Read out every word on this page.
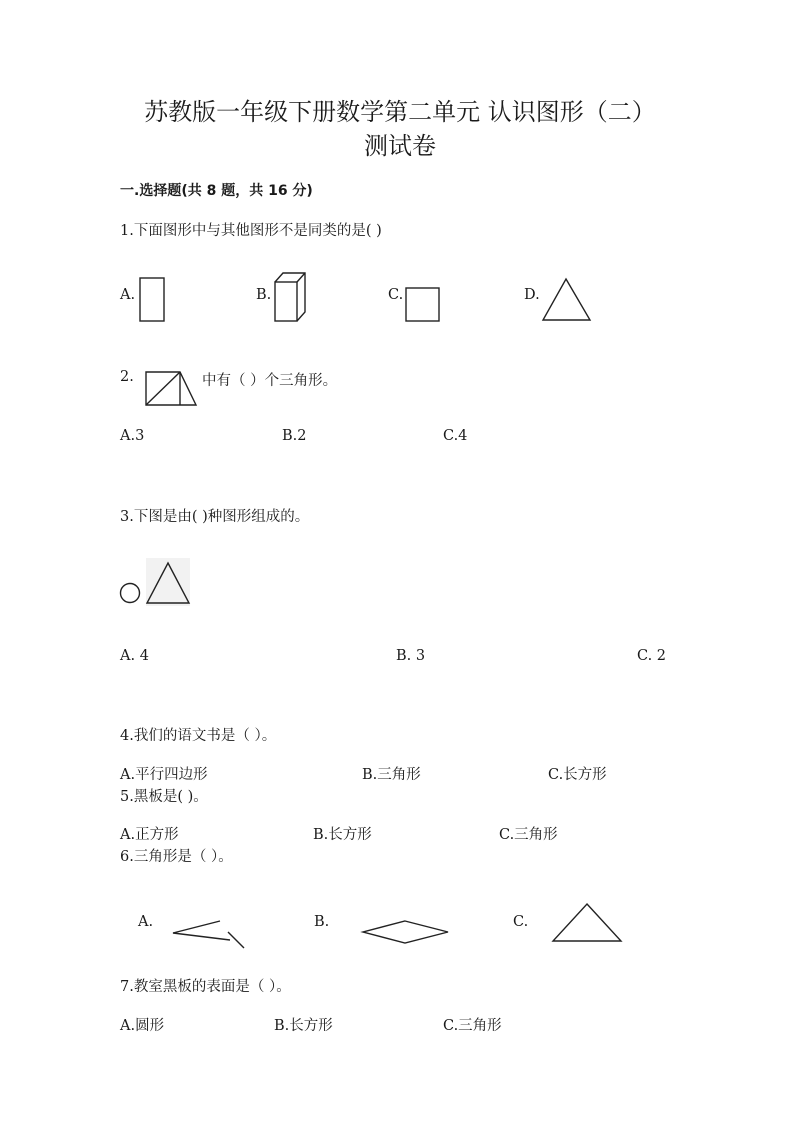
苏教版一年级下册数学第二单元 认识图形（二）
测试卷
一.选择题(共 8 题，共 16 分)
1.下面图形中与其他图形不是同类的是( )
A.	B.	C.	D.
2.	中有（ ）个三角形。
A.3	B.2	C.4
3.下图是由( )种图形组成的。
A. 4	B. 3	C. 2
4.我们的语文书是（ ）。
A.平行四边形	B.三角形	C.长方形
5.黑板是( )。
A.正方形	B.长方形	C.三角形
6.三角形是（ ）。
A.	B.	C.
7.教室黑板的表面是（ ）。
A.圆形	B.长方形	C.三角形
